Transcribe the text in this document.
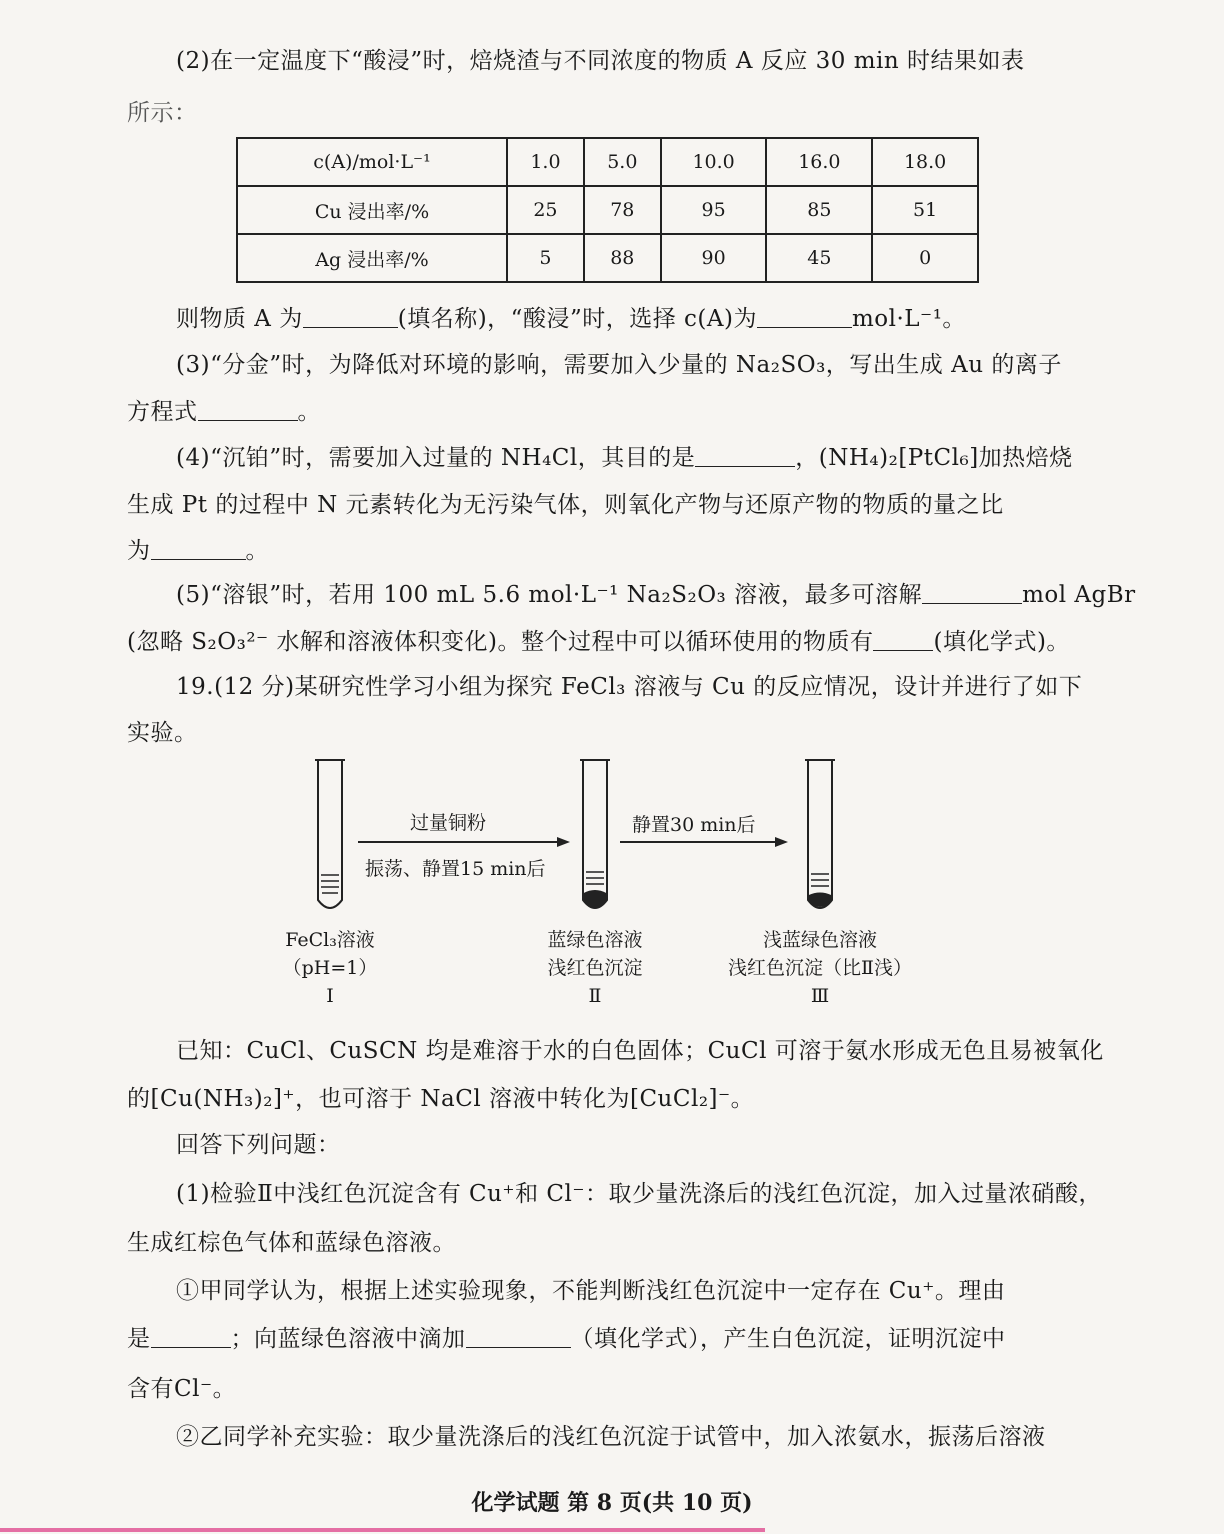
(2)在一定温度下“酸浸”时，焙烧渣与不同浓度的物质 A 反应 30 min 时结果如表
所示：
c(A)/mol·L⁻¹	1.0	5.0	10.0	16.0	18.0
Cu 浸出率/%	25	78	95	85	51
Ag 浸出率/%	5	88	90	45	0
则物质 A 为	(填名称)，“酸浸”时，选择 c(A)为	mol·L⁻¹。
(3)“分金”时，为降低对环境的影响，需要加入少量的 Na₂SO₃，写出生成 Au 的离子
方程式	。
(4)“沉铂”时，需要加入过量的 NH₄Cl，其目的是	，(NH₄)₂[PtCl₆]加热焙烧
生成 Pt 的过程中 N 元素转化为无污染气体，则氧化产物与还原产物的物质的量之比
为	。
(5)“溶银”时，若用 100 mL 5.6 mol·L⁻¹ Na₂S₂O₃ 溶液，最多可溶解	mol AgBr
(忽略 S₂O₃²⁻ 水解和溶液体积变化)。整个过程中可以循环使用的物质有	(填化学式)。
19.(12 分)某研究性学习小组为探究 FeCl₃ 溶液与 Cu 的反应情况，设计并进行了如下
实验。
过量铜粉
振荡、静置15 min后
静置30 min后
FeCl₃溶液
（pH=1）
Ⅰ
蓝绿色溶液
浅红色沉淀
Ⅱ
浅蓝绿色溶液
浅红色沉淀（比Ⅱ浅）
Ⅲ
已知：CuCl、CuSCN 均是难溶于水的白色固体；CuCl 可溶于氨水形成无色且易被氧化
的[Cu(NH₃)₂]⁺，也可溶于 NaCl 溶液中转化为[CuCl₂]⁻。
回答下列问题：
(1)检验Ⅱ中浅红色沉淀含有 Cu⁺和 Cl⁻：取少量洗涤后的浅红色沉淀，加入过量浓硝酸，
生成红棕色气体和蓝绿色溶液。
①甲同学认为，根据上述实验现象，不能判断浅红色沉淀中一定存在 Cu⁺。理由
是	；向蓝绿色溶液中滴加	（填化学式），产生白色沉淀，证明沉淀中
含有Cl⁻。
②乙同学补充实验：取少量洗涤后的浅红色沉淀于试管中，加入浓氨水，振荡后溶液
化学试题 第 8 页(共 10 页)
